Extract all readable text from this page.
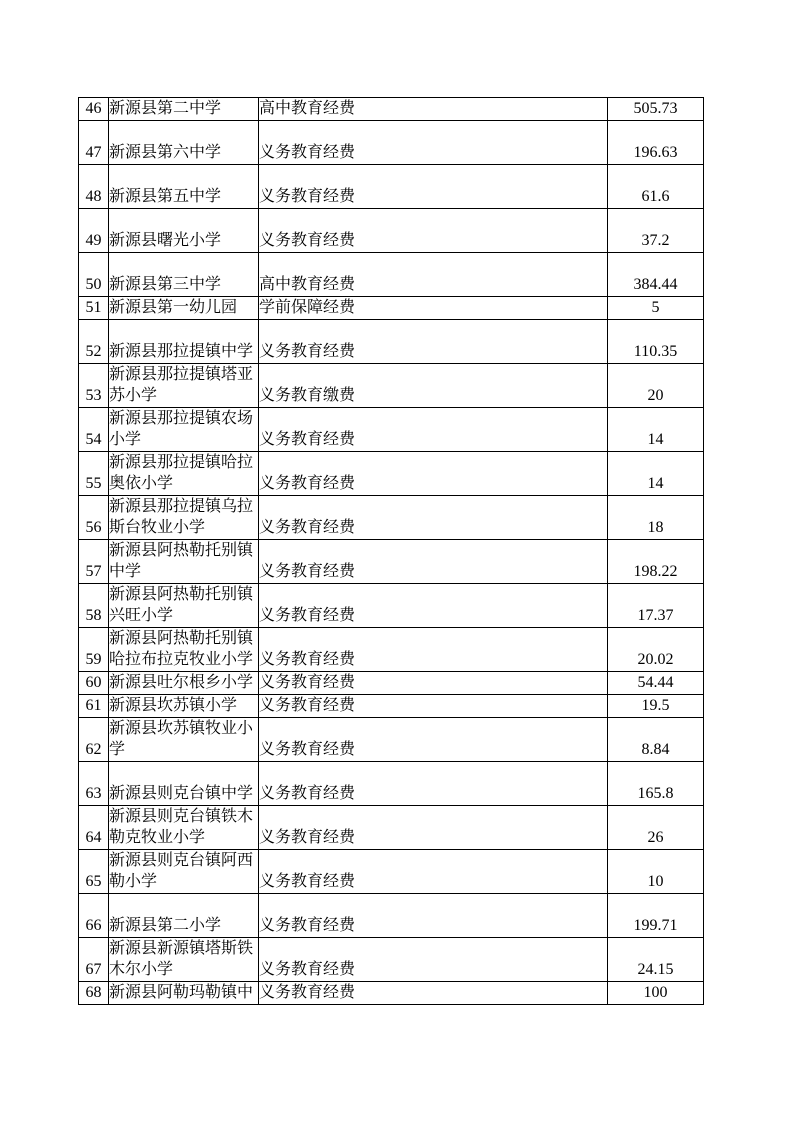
46	新源县第二中学	高中教育经费	505.73
47	新源县第六中学	义务教育经费	196.63
48	新源县第五中学	义务教育经费	61.6
49	新源县曙光小学	义务教育经费	37.2
50	新源县第三中学	高中教育经费	384.44
51	新源县第一幼儿园	学前保障经费	5
52	新源县那拉提镇中学	义务教育经费	110.35
53	新源县那拉提镇塔亚苏小学	义务教育缴费	20
54	新源县那拉提镇农场小学	义务教育经费	14
55	新源县那拉提镇哈拉奥依小学	义务教育经费	14
56	新源县那拉提镇乌拉斯台牧业小学	义务教育经费	18
57	新源县阿热勒托别镇中学	义务教育经费	198.22
58	新源县阿热勒托别镇兴旺小学	义务教育经费	17.37
59	新源县阿热勒托别镇哈拉布拉克牧业小学	义务教育经费	20.02
60	新源县吐尔根乡小学	义务教育经费	54.44
61	新源县坎苏镇小学	义务教育经费	19.5
62	新源县坎苏镇牧业小学	义务教育经费	8.84
63	新源县则克台镇中学	义务教育经费	165.8
64	新源县则克台镇铁木勒克牧业小学	义务教育经费	26
65	新源县则克台镇阿西勒小学	义务教育经费	10
66	新源县第二小学	义务教育经费	199.71
67	新源县新源镇塔斯铁木尔小学	义务教育经费	24.15
68	新源县阿勒玛勒镇中	义务教育经费	100
